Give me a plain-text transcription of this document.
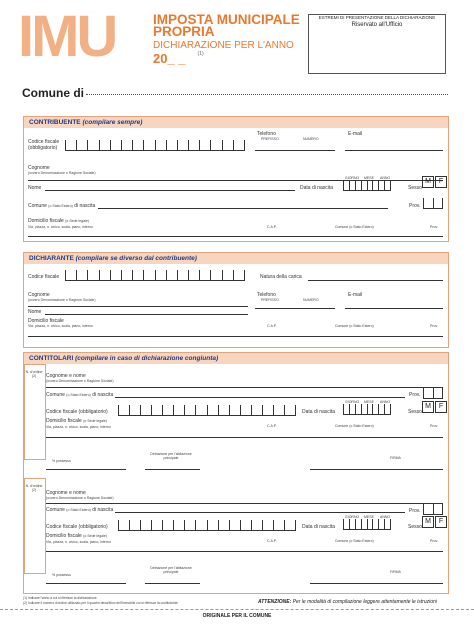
IMU	IMPOSTA MUNICIPALE
PROPRIA
DICHIARAZIONE PER L'ANNO
20_ _ $^{(1)}$
ESTREMI DI PRESENTAZIONE DELLA DICHIARAZIONE
Riservato all'Ufficio
Comune di
CONTRIBUENTE (compilare sempre)
Codice fiscale
(obbligatorio)
Telefono
PREFISSO	NUMERO
E-mail
Cognome
(ovvero Denominazione o Ragione Sociale)
Nome	Data di nascita
GIORNO MESE ANNO
Sesso
M	F
Comune (o Stato Estero) di nascita	Prov.
Domicilio fiscale (o Sede legale)
Via, piazza, n. civico, scala, piano, interno	C.A.P.	Comune (o Stato Estero)	Prov.
DICHIARANTE (compilare se diverso dal contribuente)
Codice fiscale	Natura della carica
Cognome
(ovvero Denominazione o Ragione Sociale)
Telefono
PREFISSO	NUMERO
E-mail
Nome
Domicilio fiscale
Via, piazza, n. civico, scala, piano, interno	C.A.P.	Comune (o Stato Estero)	Prov.
CONTITOLARI (compilare in caso di dichiarazione congiunta)
N. d'ordine (2)	Cognome e nome
(ovvero Denominazione o Ragione Sociale)
Comune (o Stato Estero) di nascita	Prov.
Codice fiscale (obbligatorio)	Data di nascita
GIORNO MESE ANNO
Sesso
M	F
Domicilio fiscale (o Sede legale)
Via, piazza, n. civico, scala, piano, interno	C.A.P.	Comune (o Stato Estero)	Prov.
% possesso
Detrazione per l'abitazione principale	FIRMA
N. d'ordine (2)	Cognome e nome
(ovvero Denominazione o Ragione Sociale)
Comune (o Stato Estero) di nascita	Prov.
Codice fiscale (obbligatorio)	Data di nascita
GIORNO MESE ANNO
Sesso
M	F
Domicilio fiscale (o Sede legale)
Via, piazza, n. civico, scala, piano, interno	C.A.P.	Comune (o Stato Estero)	Prov.
% possesso
Detrazione per l'abitazione principale	FIRMA
(1) Indicare l'anno a cui si riferisce la dichiarazione
(2) Indicare il numero d'ordine utilizzato per il quadro descrittivo dell'immobile cui si riferisce la contitolarità	ATTENZIONE: Per le modalità di compilazione leggere attentamente le istruzioni
ORIGINALE PER IL COMUNE
